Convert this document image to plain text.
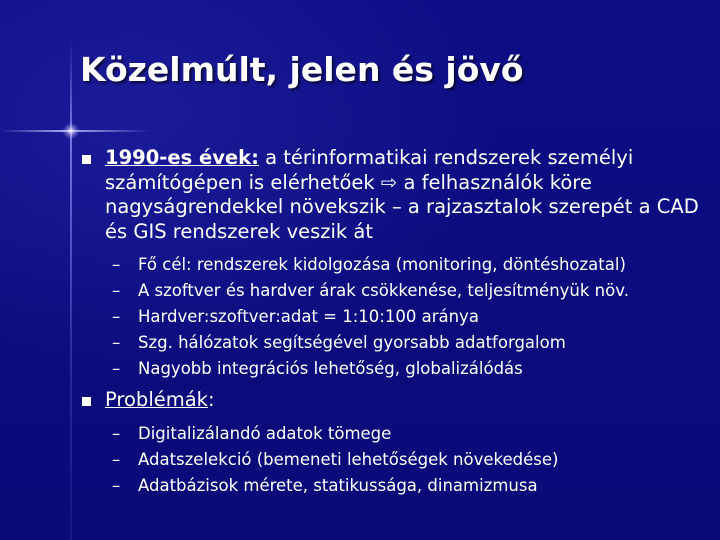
Közelmúlt, jelen és jövő

1990-es évek: a térinformatikai rendszerek személyi számítógépen is elérhetőek ⇨ a felhasználók köre nagyságrendekkel növekszik – a rajzasztalok szerepét a CAD és GIS rendszerek veszik át

– Fő cél: rendszerek kidolgozása (monitoring, döntéshozatal)
– A szoftver és hardver árak csökkenése, teljesítményük növ.
– Hardver:szoftver:adat = 1:10:100 aránya
– Szg. hálózatok segítségével gyorsabb adatforgalom
– Nagyobb integrációs lehetőség, globalizálódás

Problémák:

– Digitalizálandó adatok tömege
– Adatszelekció (bemeneti lehetőségek növekedése)
– Adatbázisok mérete, statikussága, dinamizmusa
